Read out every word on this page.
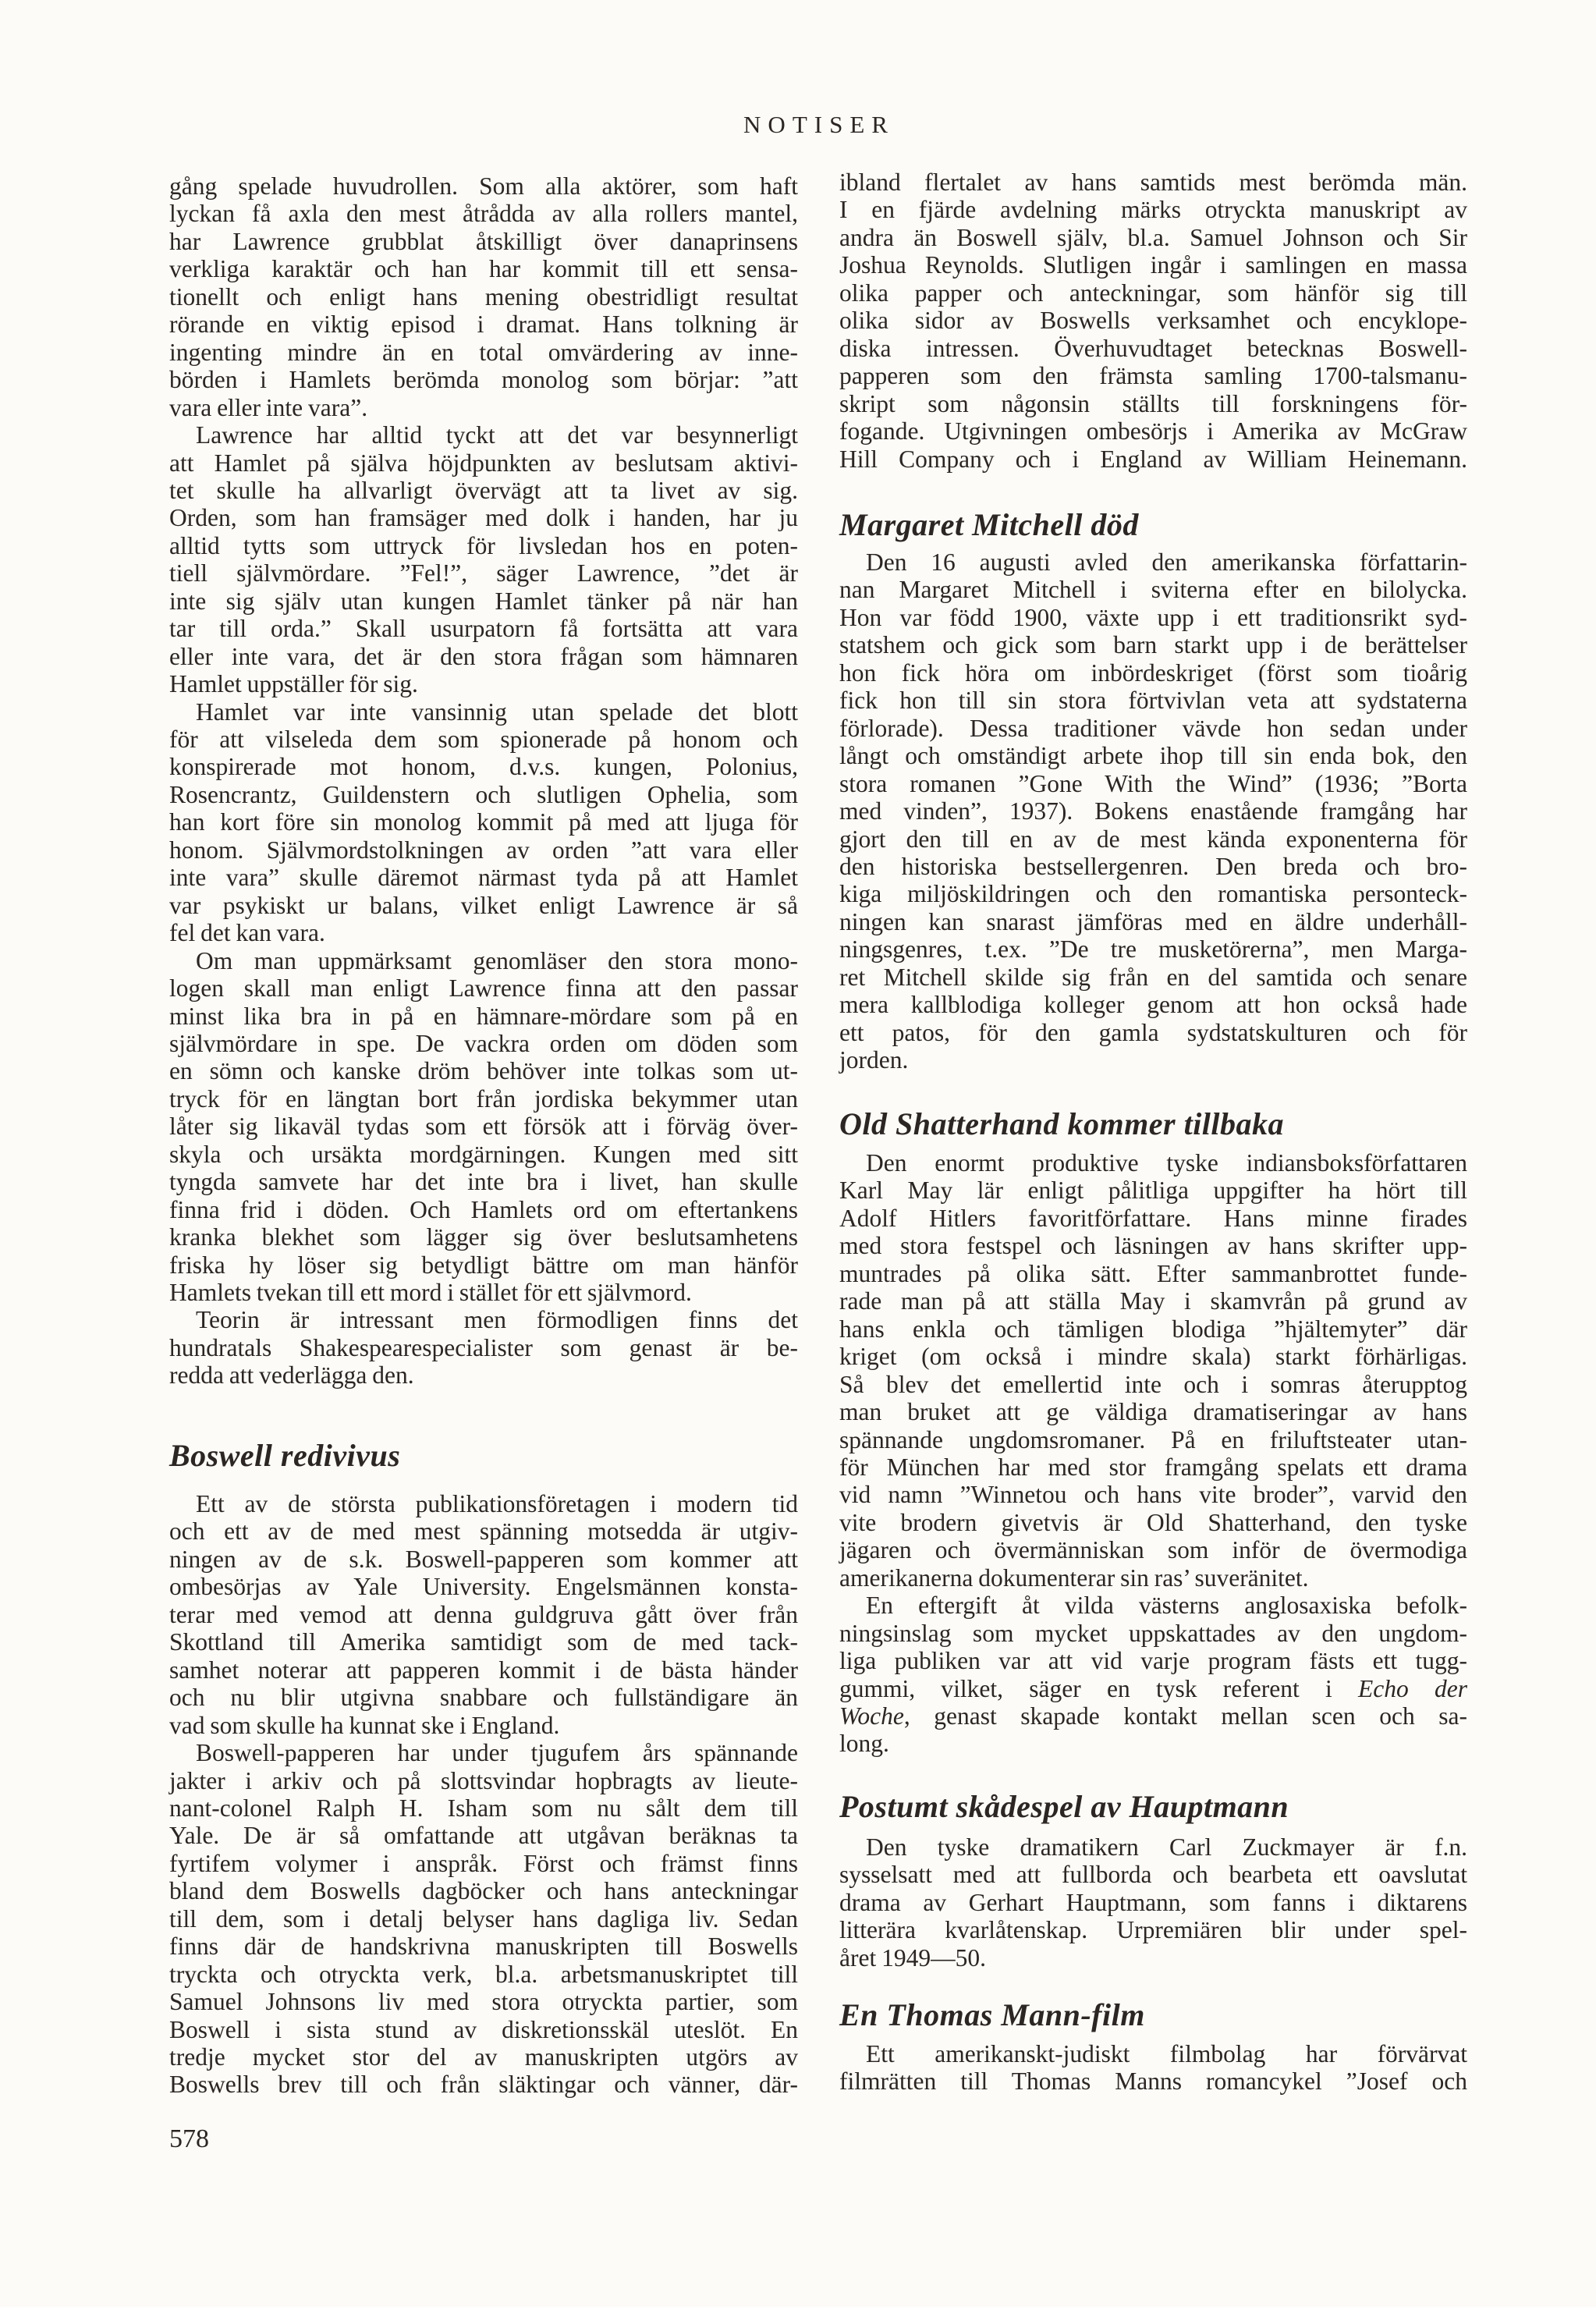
NOTISER
gång spelade huvudrollen. Som alla aktörer, som haft
lyckan få axla den mest åtrådda av alla rollers mantel,
har Lawrence grubblat åtskilligt över danaprinsens
verkliga karaktär och han har kommit till ett sensa-
tionellt och enligt hans mening obestridligt resultat
rörande en viktig episod i dramat. Hans tolkning är
ingenting mindre än en total omvärdering av inne-
börden i Hamlets berömda monolog som börjar: ”att
vara eller inte vara”.
Lawrence har alltid tyckt att det var besynnerligt
att Hamlet på själva höjdpunkten av beslutsam aktivi-
tet skulle ha allvarligt övervägt att ta livet av sig.
Orden, som han framsäger med dolk i handen, har ju
alltid tytts som uttryck för livsledan hos en poten-
tiell självmördare. ”Fel!”, säger Lawrence, ”det är
inte sig själv utan kungen Hamlet tänker på när han
tar till orda.” Skall usurpatorn få fortsätta att vara
eller inte vara, det är den stora frågan som hämnaren
Hamlet uppställer för sig.
Hamlet var inte vansinnig utan spelade det blott
för att vilseleda dem som spionerade på honom och
konspirerade mot honom, d.v.s. kungen, Polonius,
Rosencrantz, Guildenstern och slutligen Ophelia, som
han kort före sin monolog kommit på med att ljuga för
honom. Självmordstolkningen av orden ”att vara eller
inte vara” skulle däremot närmast tyda på att Hamlet
var psykiskt ur balans, vilket enligt Lawrence är så
fel det kan vara.
Om man uppmärksamt genomläser den stora mono-
logen skall man enligt Lawrence finna att den passar
minst lika bra in på en hämnare-mördare som på en
självmördare in spe. De vackra orden om döden som
en sömn och kanske dröm behöver inte tolkas som ut-
tryck för en längtan bort från jordiska bekymmer utan
låter sig likaväl tydas som ett försök att i förväg över-
skyla och ursäkta mordgärningen. Kungen med sitt
tyngda samvete har det inte bra i livet, han skulle
finna frid i döden. Och Hamlets ord om eftertankens
kranka blekhet som lägger sig över beslutsamhetens
friska hy löser sig betydligt bättre om man hänför
Hamlets tvekan till ett mord i stället för ett självmord.
Teorin är intressant men förmodligen finns det
hundratals Shakespearespecialister som genast är be-
redda att vederlägga den.
Boswell redivivus
Ett av de största publikationsföretagen i modern tid
och ett av de med mest spänning motsedda är utgiv-
ningen av de s.k. Boswell-papperen som kommer att
ombesörjas av Yale University. Engelsmännen konsta-
terar med vemod att denna guldgruva gått över från
Skottland till Amerika samtidigt som de med tack-
samhet noterar att papperen kommit i de bästa händer
och nu blir utgivna snabbare och fullständigare än
vad som skulle ha kunnat ske i England.
Boswell-papperen har under tjugufem års spännande
jakter i arkiv och på slottsvindar hopbragts av lieute-
nant-colonel Ralph H. Isham som nu sålt dem till
Yale. De är så omfattande att utgåvan beräknas ta
fyrtifem volymer i anspråk. Först och främst finns
bland dem Boswells dagböcker och hans anteckningar
till dem, som i detalj belyser hans dagliga liv. Sedan
finns där de handskrivna manuskripten till Boswells
tryckta och otryckta verk, bl.a. arbetsmanuskriptet till
Samuel Johnsons liv med stora otryckta partier, som
Boswell i sista stund av diskretionsskäl uteslöt. En
tredje mycket stor del av manuskripten utgörs av
Boswells brev till och från släktingar och vänner, där-
ibland flertalet av hans samtids mest berömda män.
I en fjärde avdelning märks otryckta manuskript av
andra än Boswell själv, bl.a. Samuel Johnson och Sir
Joshua Reynolds. Slutligen ingår i samlingen en massa
olika papper och anteckningar, som hänför sig till
olika sidor av Boswells verksamhet och encyklope-
diska intressen. Överhuvudtaget betecknas Boswell-
papperen som den främsta samling 1700-talsmanu-
skript som någonsin ställts till forskningens för-
fogande. Utgivningen ombesörjs i Amerika av McGraw
Hill Company och i England av William Heinemann.
Margaret Mitchell död
Den 16 augusti avled den amerikanska författarin-
nan Margaret Mitchell i sviterna efter en bilolycka.
Hon var född 1900, växte upp i ett traditionsrikt syd-
statshem och gick som barn starkt upp i de berättelser
hon fick höra om inbördeskriget (först som tioårig
fick hon till sin stora förtvivlan veta att sydstaterna
förlorade). Dessa traditioner vävde hon sedan under
långt och omständigt arbete ihop till sin enda bok, den
stora romanen ”Gone With the Wind” (1936; ”Borta
med vinden”, 1937). Bokens enastående framgång har
gjort den till en av de mest kända exponenterna för
den historiska bestsellergenren. Den breda och bro-
kiga miljöskildringen och den romantiska personteck-
ningen kan snarast jämföras med en äldre underhåll-
ningsgenres, t.ex. ”De tre musketörerna”, men Marga-
ret Mitchell skilde sig från en del samtida och senare
mera kallblodiga kolleger genom att hon också hade
ett patos, för den gamla sydstatskulturen och för
jorden.
Old Shatterhand kommer tillbaka
Den enormt produktive tyske indiansboksförfattaren
Karl May lär enligt pålitliga uppgifter ha hört till
Adolf Hitlers favoritförfattare. Hans minne firades
med stora festspel och läsningen av hans skrifter upp-
muntrades på olika sätt. Efter sammanbrottet funde-
rade man på att ställa May i skamvrån på grund av
hans enkla och tämligen blodiga ”hjältemyter” där
kriget (om också i mindre skala) starkt förhärligas.
Så blev det emellertid inte och i somras återupptog
man bruket att ge väldiga dramatiseringar av hans
spännande ungdomsromaner. På en friluftsteater utan-
för München har med stor framgång spelats ett drama
vid namn ”Winnetou och hans vite broder”, varvid den
vite brodern givetvis är Old Shatterhand, den tyske
jägaren och övermänniskan som inför de övermodiga
amerikanerna dokumenterar sin ras’ suveränitet.
En eftergift åt vilda västerns anglosaxiska befolk-
ningsinslag som mycket uppskattades av den ungdom-
liga publiken var att vid varje program fästs ett tugg-
gummi, vilket, säger en tysk referent i Echo der
Woche, genast skapade kontakt mellan scen och sa-
long.
Postumt skådespel av Hauptmann
Den tyske dramatikern Carl Zuckmayer är f.n.
sysselsatt med att fullborda och bearbeta ett oavslutat
drama av Gerhart Hauptmann, som fanns i diktarens
litterära kvarlåtenskap. Urpremiären blir under spel-
året 1949—50.
En Thomas Mann-film
Ett amerikanskt-judiskt filmbolag har förvärvat
filmrätten till Thomas Manns romancykel ”Josef och
578
